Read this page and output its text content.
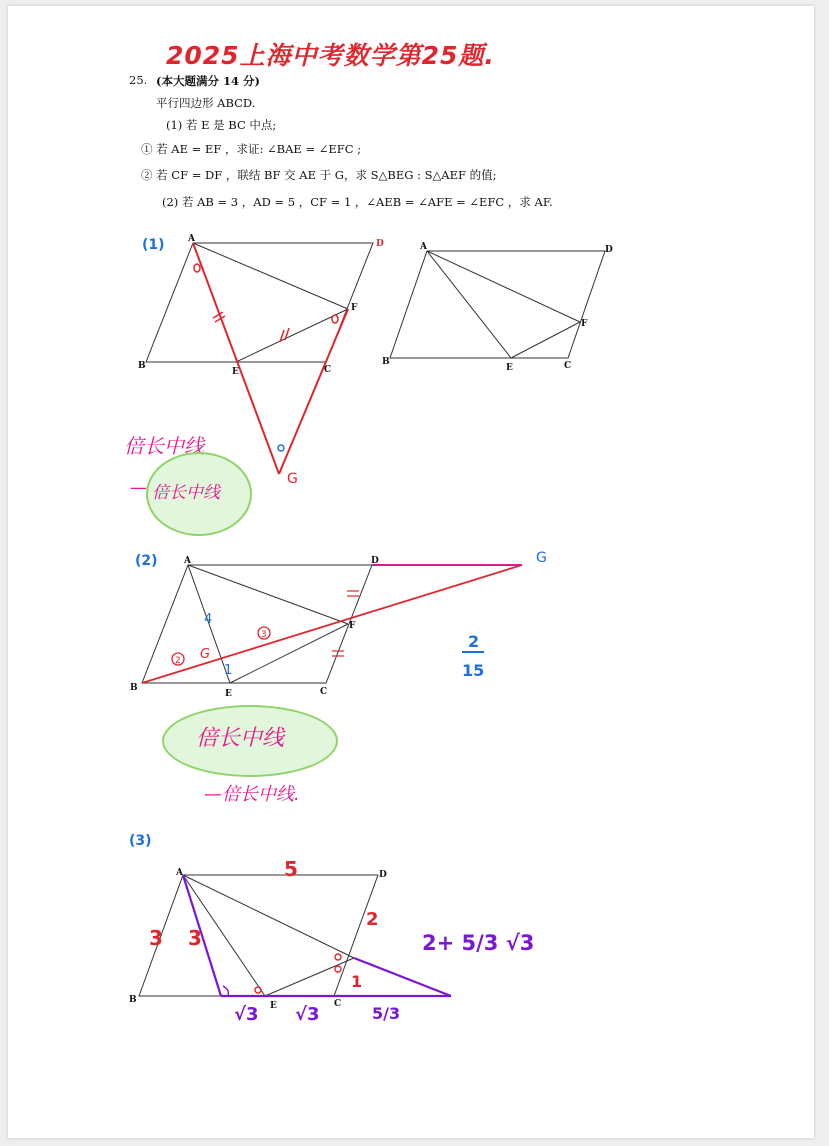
2025上海中考数学第25题.
25. (本大题满分 14 分)
平行四边形 ABCD.
(1) 若 E 是 BC 中点;
① 若 AE = EF ，求证: ∠BAE = ∠EFC ;
② 若 CF = DF ，联结 BF 交 AE 于 G，求 S△BEG : S△AEF 的值;
(2) 若 AB = 3 ，AD = 5 ，CF = 1 ，∠AEB = ∠AFE = ∠EFC ，求 AF.
A	D
B
E	C
F
G
A	D
B
E	C
F
2
3
A	D	G
B
E	C
F
4
1
G
2
15
A	D
B
E	C
(1)
倍长中线
— 倍长中线
(2)
倍长中线
—倍长中线.
(3)
5
3 3
2
2+ 5/3 √3
√3 √3	5/3
1
